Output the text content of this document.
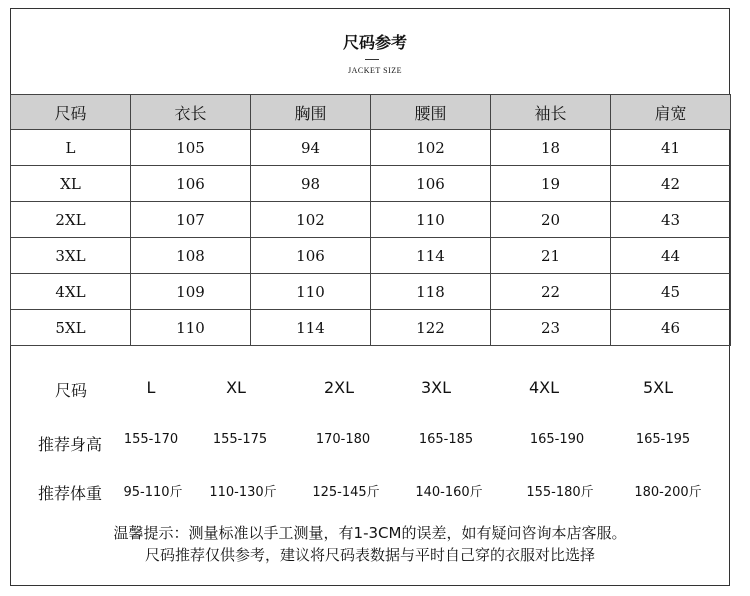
尺码参考
JACKET SIZE
尺码	衣长	胸围	腰围	袖长	肩宽
L	105	94	102	18	41
XL	106	98	106	19	42
2XL	107	102	110	20	43
3XL	108	106	114	21	44
4XL	109	110	118	22	45
5XL	110	114	122	23	46
尺码	L	XL	2XL	3XL	4XL	5XL
推荐身高 155-170	155-175	170-180	165-185	165-190	165-195
推荐体重 95-110斤 110-130斤	125-145斤	140-160斤	155-180斤	180-200斤
温馨提示：测量标准以手工测量，有1-3CM的误差，如有疑问咨询本店客服。
尺码推荐仅供参考，建议将尺码表数据与平时自己穿的衣服对比选择
